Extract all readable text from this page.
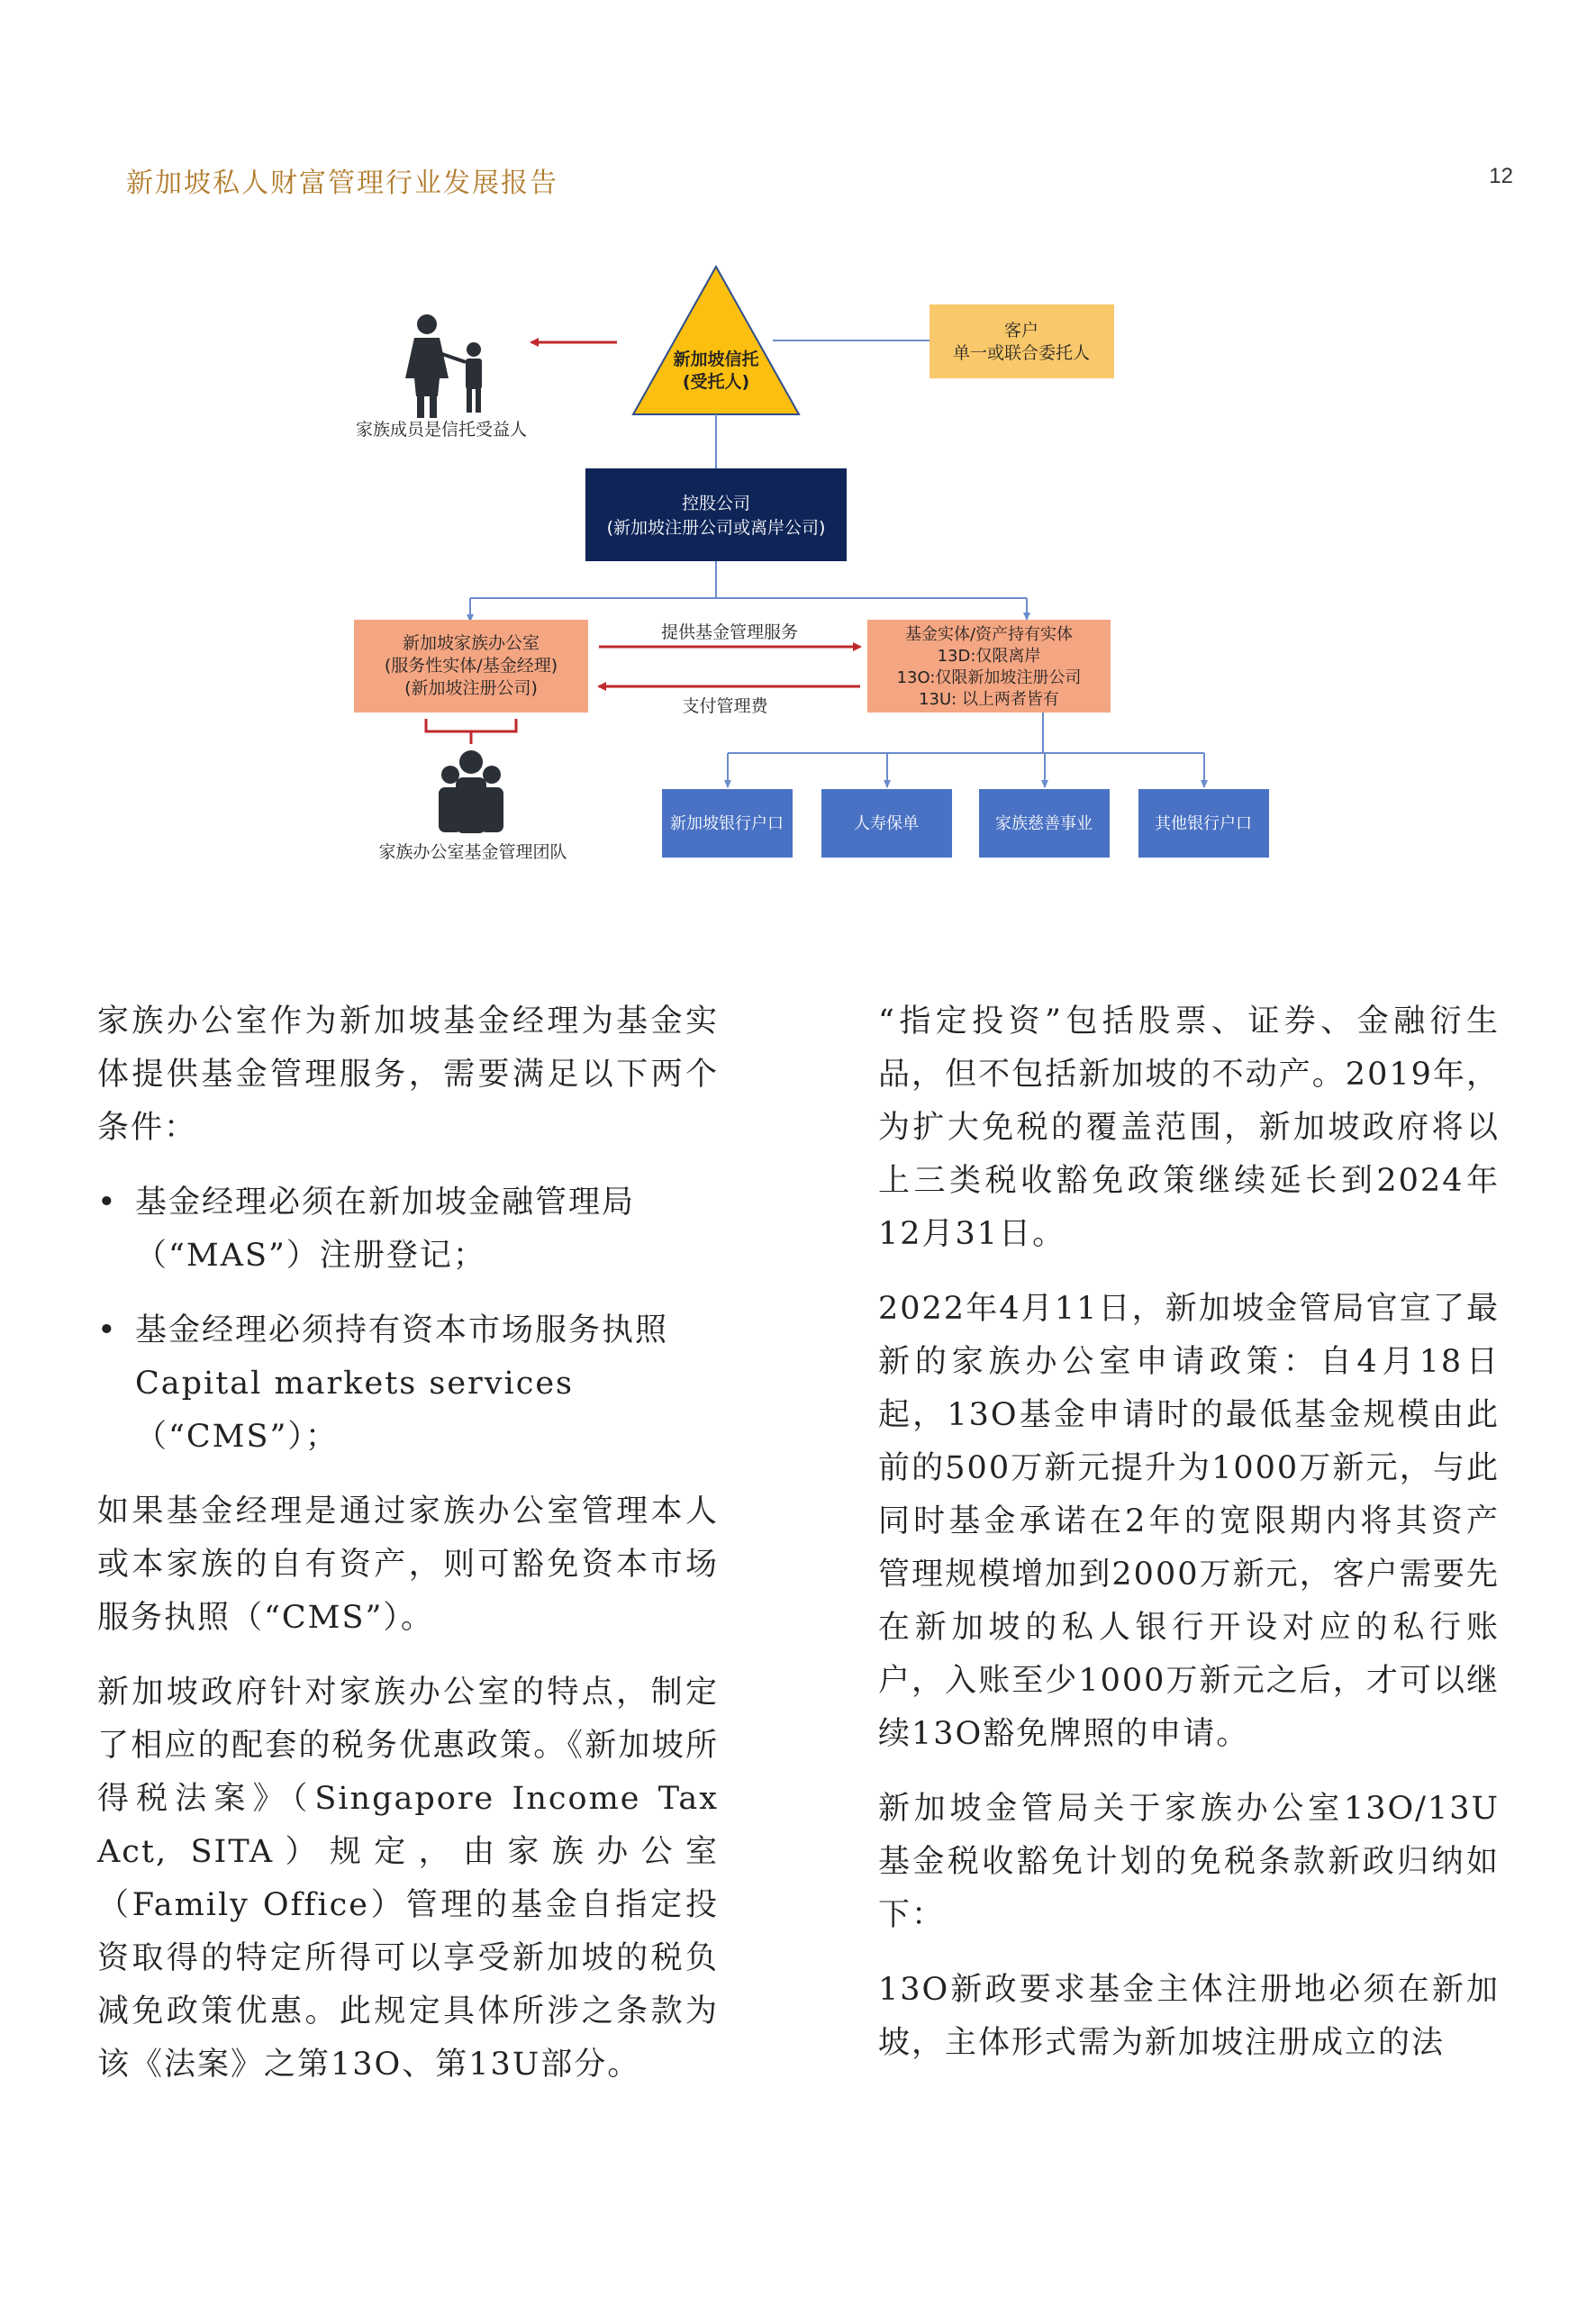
新加坡私人财富管理行业发展报告	12
家族成员是信托受益人
新加坡信托
(受托人)
客户
单一或联合委托人
控股公司
(新加坡注册公司或离岸公司)
新加坡家族办公室
(服务性实体/基金经理)
(新加坡注册公司)
基金实体/资产持有实体
13D:仅限离岸
13O:仅限新加坡注册公司
13U: 以上两者皆有
提供基金管理服务
支付管理费
家族办公室基金管理团队
新加坡银行户口	人寿保单	家族慈善事业	其他银行户口

家族办公室作为新加坡基金经理为基金实体提供基金管理服务，需要满足以下两个条件：

• 基金经理必须在新加坡金融管理局（“MAS”）注册登记；
• 基金经理必须持有资本市场服务执照Capital markets services（“CMS”）；

如果基金经理是通过家族办公室管理本人或本家族的自有资产，则可豁免资本市场服务执照（“CMS”）。

新加坡政府针对家族办公室的特点，制定了相应的配套的税务优惠政策。《新加坡所得税法案》（Singapore Income Tax Act, SITA）规定，由家族办公室（Family Office）管理的基金自指定投资取得的特定所得可以享受新加坡的税负减免政策优惠。此规定具体所涉之条款为该《法案》之第13O、第13U部分。

“指定投资”包括股票、证券、金融衍生品，但不包括新加坡的不动产。2019年，为扩大免税的覆盖范围，新加坡政府将以上三类税收豁免政策继续延长到2024年12月31日。

2022年4月11日，新加坡金管局官宣了最新的家族办公室申请政策：自4月18日起，13O基金申请时的最低基金规模由此前的500万新元提升为1000万新元，与此同时基金承诺在2年的宽限期内将其资产管理规模增加到2000万新元，客户需要先在新加坡的私人银行开设对应的私行账户，入账至少1000万新元之后，才可以继续13O豁免牌照的申请。

新加坡金管局关于家族办公室13O/13U基金税收豁免计划的免税条款新政归纳如下：

13O新政要求基金主体注册地必须在新加坡，主体形式需为新加坡注册成立的法
